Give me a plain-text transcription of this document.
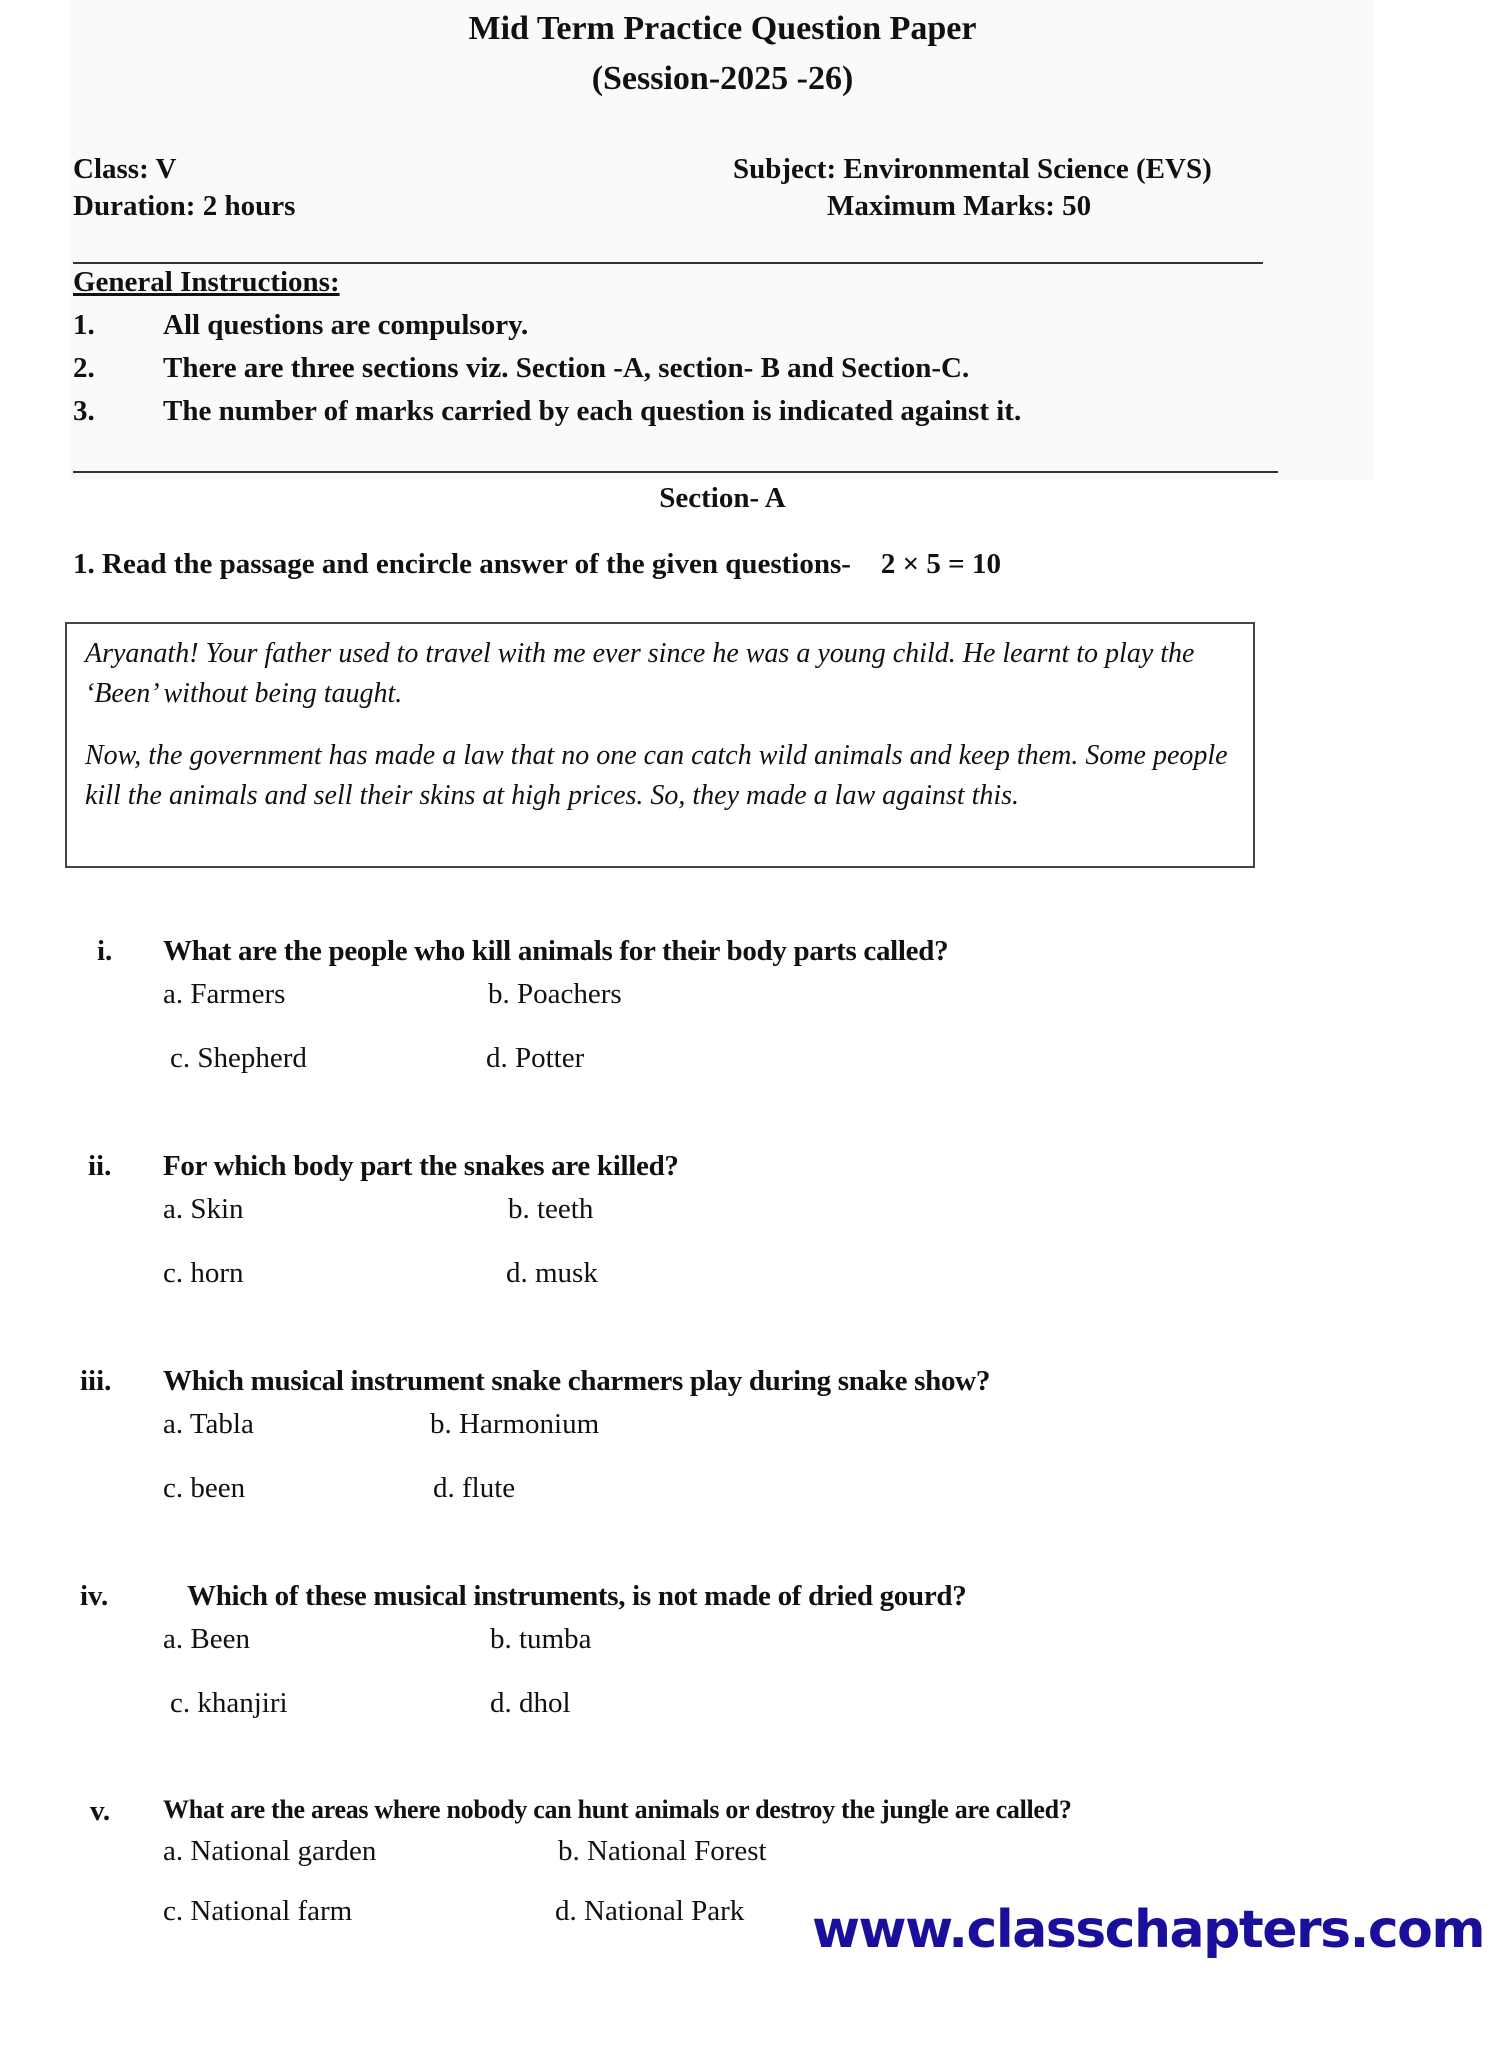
Mid Term Practice Question Paper
(Session-2025 -26)
Class: V	Subject: Environmental Science (EVS)
Duration: 2 hours	Maximum Marks: 50
General Instructions:
1. All questions are compulsory.
2. There are three sections viz. Section -A, section- B and Section-C.
3. The number of marks carried by each question is indicated against it.
Section- A
1. Read the passage and encircle answer of the given questions- 2 × 5 = 10

Aryanath! Your father used to travel with me ever since he was a young child. He learnt to play the ‘Been’ without being taught.

Now, the government has made a law that no one can catch wild animals and keep them. Some people kill the animals and sell their skins at high prices. So, they made a law against this.

i. What are the people who kill animals for their body parts called?
a. Farmers	b. Poachers
c. Shepherd	d. Potter
ii. For which body part the snakes are killed?
a. Skin	b. teeth
c. horn	d. musk
iii. Which musical instrument snake charmers play during snake show?
a. Tabla	b. Harmonium
c. been	d. flute
iv.	Which of these musical instruments, is not made of dried gourd?
a. Been	b. tumba
c. khanjiri	d. dhol
v. What are the areas where nobody can hunt animals or destroy the jungle are called?
a. National garden	b. National Forest
c. National farm	d. National Park www.classchapters.com
